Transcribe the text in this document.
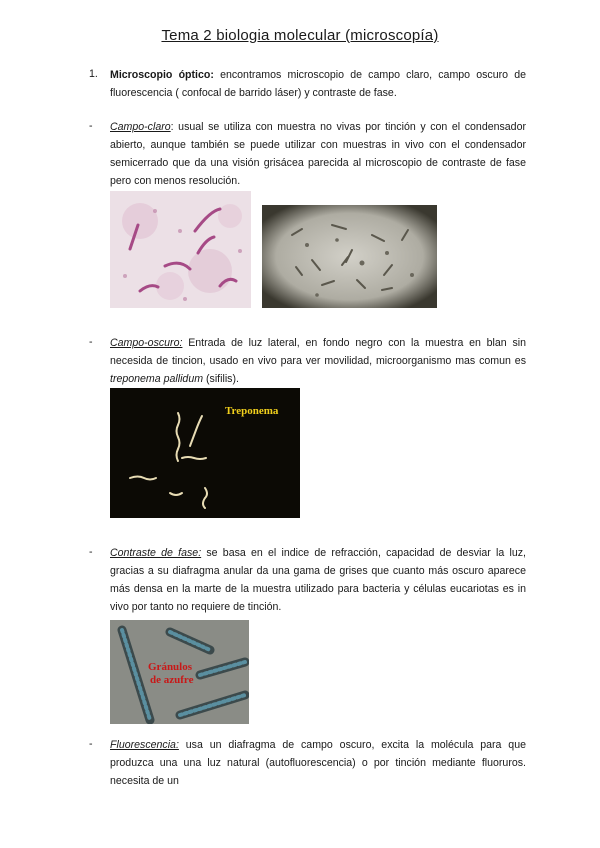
Tema 2 biologia molecular (microscopía)
1. Microscopio óptico: encontramos microscopio de campo claro, campo oscuro de fluorescencia ( confocal de barrido láser) y contraste de fase.
- Campo-claro: usual se utiliza con muestra no vivas por tinción y con el condensador abierto, aunque también se puede utilizar con muestras in vivo con el condensador semicerrado que da una visión grisácea parecida al microscopio de contraste de fase pero con menos resolución.
- Campo-oscuro: Entrada de luz lateral, en fondo negro con la muestra en blan sin necesida de tincion, usado en vivo para ver movilidad, microorganismo mas comun es treponema pallidum (sifilis).
Treponema
- Contraste de fase: se basa en el indice de refracción, capacidad de desviar la luz, gracias a su diafragma anular da una gama de grises que cuanto más oscuro aparece más densa en la marte de la muestra utilizado para bacteria y células eucariotas es in vivo por tanto no requiere de tinción.
Gránulos
de azufre
- Fluorescencia: usa un diafragma de campo oscuro, excita la molécula para que produzca una una luz natural (autofluorescencia) o por tinción mediante fluoruros. necesita de un
